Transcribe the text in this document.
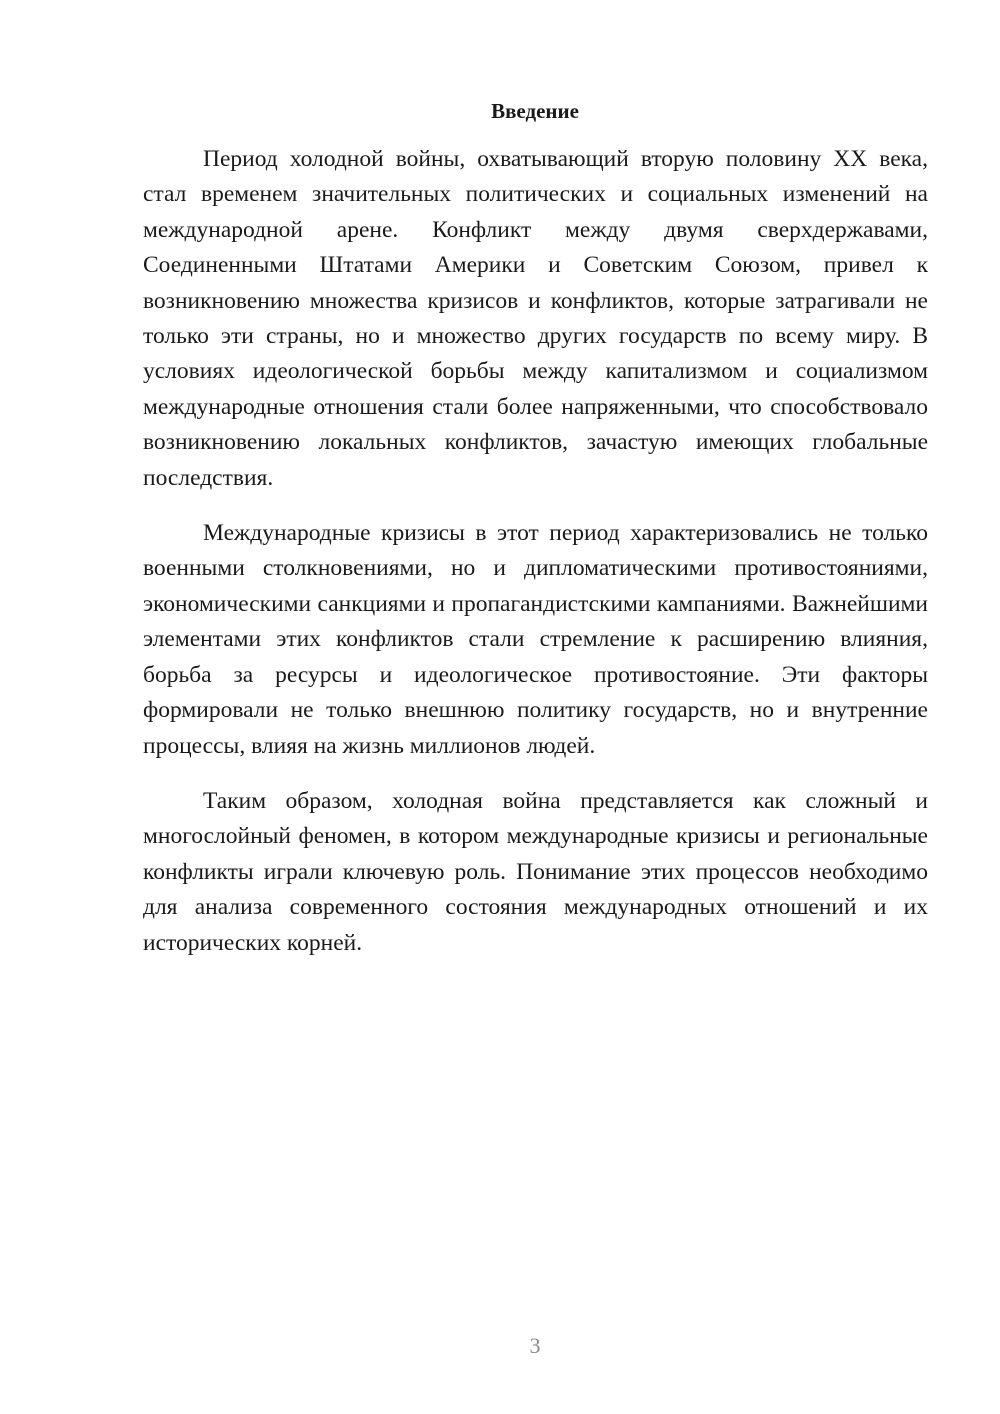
Введение

Период холодной войны, охватывающий вторую половину XX века, стал временем значительных политических и социальных изменений на международной арене. Конфликт между двумя сверхдержавами, Соединенными Штатами Америки и Советским Союзом, привел к возникновению множества кризисов и конфликтов, которые затрагивали не только эти страны, но и множество других государств по всему миру. В условиях идеологической борьбы между капитализмом и социализмом международные отношения стали более напряженными, что способствовало возникновению локальных конфликтов, зачастую имеющих глобальные последствия.

Международные кризисы в этот период характеризовались не только военными столкновениями, но и дипломатическими противостояниями, экономическими санкциями и пропагандистскими кампаниями. Важнейшими элементами этих конфликтов стали стремление к расширению влияния, борьба за ресурсы и идеологическое противостояние. Эти факторы формировали не только внешнюю политику государств, но и внутренние процессы, влияя на жизнь миллионов людей.

Таким образом, холодная война представляется как сложный и многослойный феномен, в котором международные кризисы и региональные конфликты играли ключевую роль. Понимание этих процессов необходимо для анализа современного состояния международных отношений и их исторических корней.

3
